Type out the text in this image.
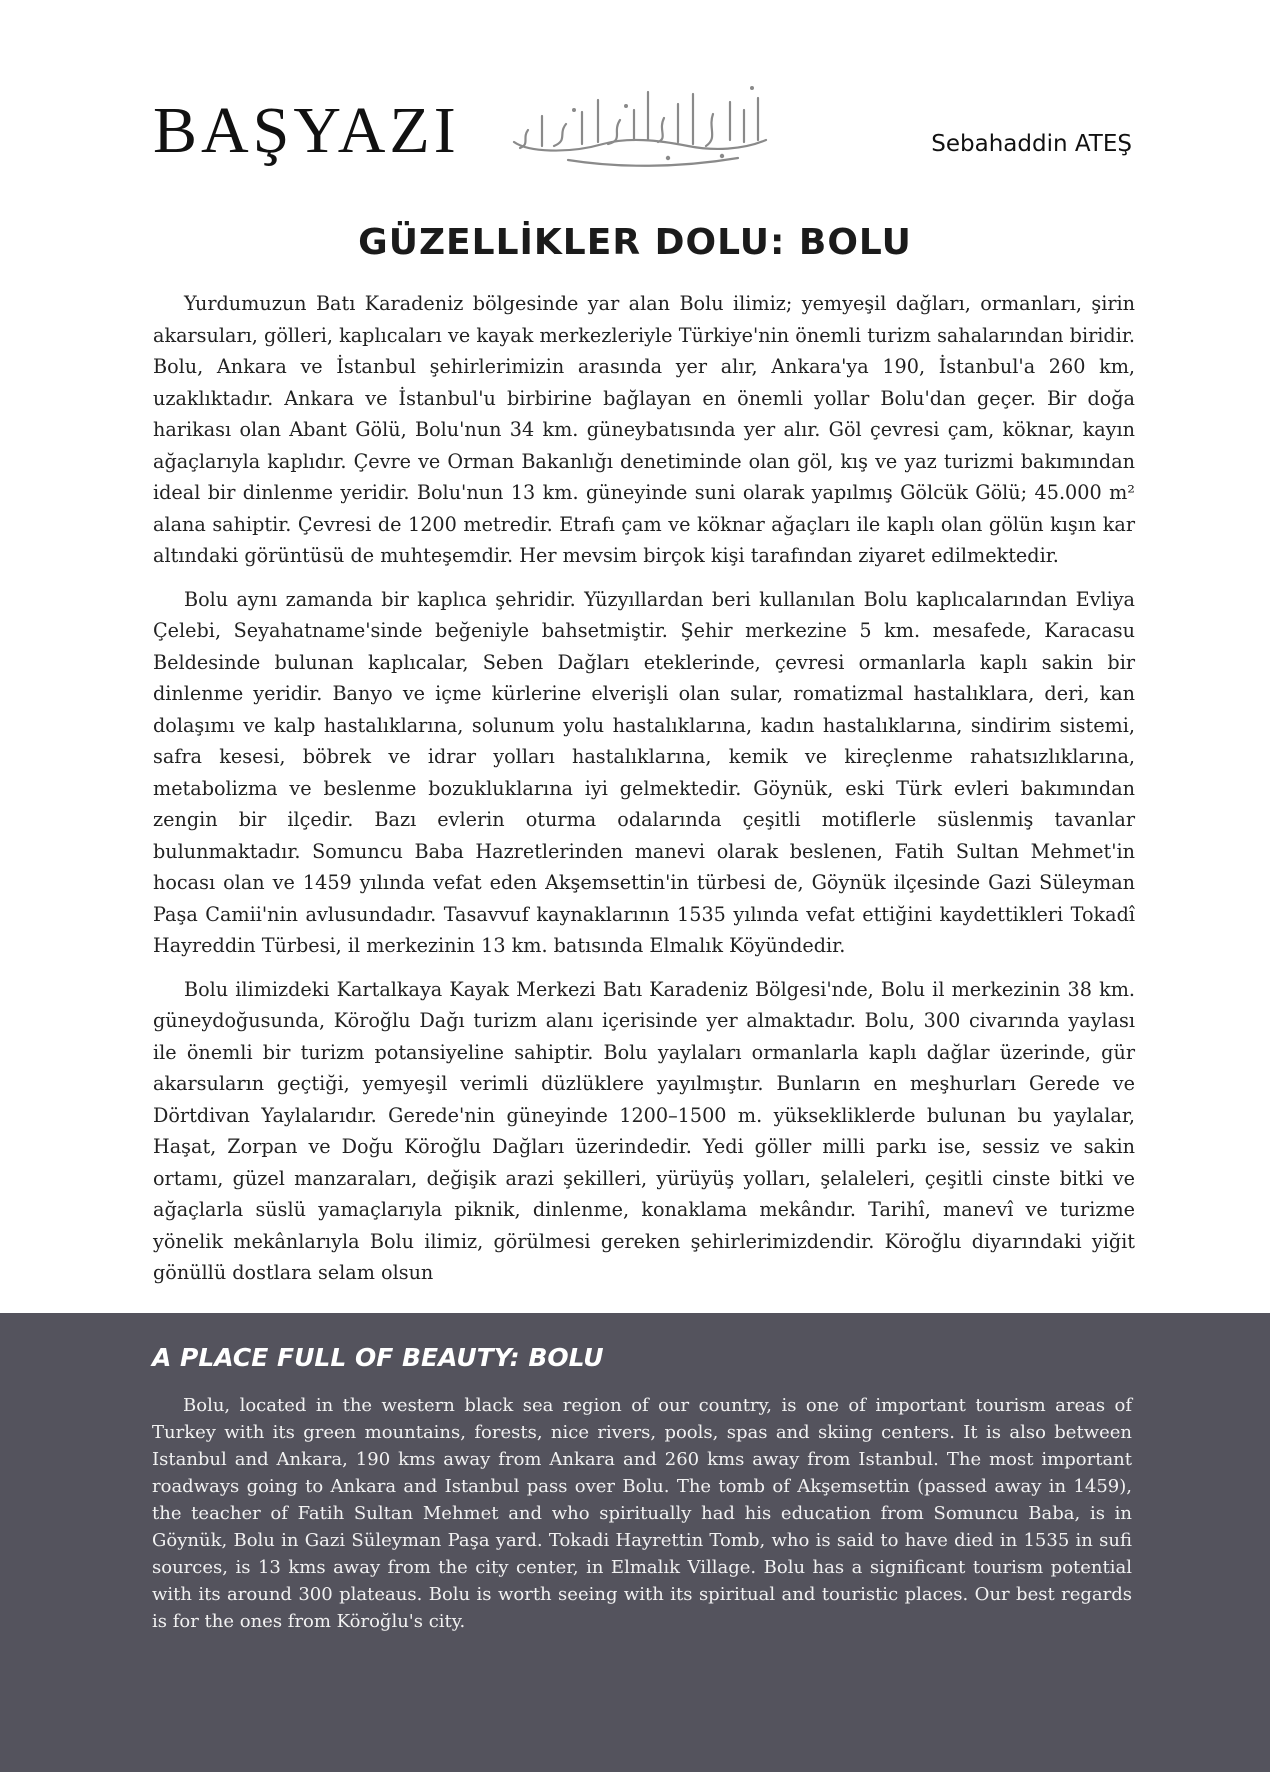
BAŞYAZI	Sebahaddin ATEŞ
GÜZELLİKLER DOLU: BOLU

Yurdumuzun Batı Karadeniz bölgesinde yar alan Bolu ilimiz; yemyeşil dağları, ormanları, şirin akarsuları, gölleri, kaplıcaları ve kayak merkezleriyle Türkiye'nin önemli turizm sahalarından biridir. Bolu, Ankara ve İstanbul şehirlerimizin arasında yer alır, Ankara'ya 190, İstanbul'a 260 km, uzaklıktadır. Ankara ve İstanbul'u birbirine bağlayan en önemli yollar Bolu'dan geçer. Bir doğa harikası olan Abant Gölü, Bolu'nun 34 km. güneybatısında yer alır. Göl çevresi çam, köknar, kayın ağaçlarıyla kaplıdır. Çevre ve Orman Bakanlığı denetiminde olan göl, kış ve yaz turizmi bakımından ideal bir dinlenme yeridir. Bolu'nun 13 km. güneyinde suni olarak yapılmış Gölcük Gölü; 45.000 m² alana sahiptir. Çevresi de 1200 metredir. Etrafı çam ve köknar ağaçları ile kaplı olan gölün kışın kar altındaki görüntüsü de muhteşemdir. Her mevsim birçok kişi tarafından ziyaret edilmektedir.

Bolu aynı zamanda bir kaplıca şehridir. Yüzyıllardan beri kullanılan Bolu kaplıcalarından Evliya Çelebi, Seyahatname'sinde beğeniyle bahsetmiştir. Şehir merkezine 5 km. mesafede, Karacasu Beldesinde bulunan kaplıcalar, Seben Dağları eteklerinde, çevresi ormanlarla kaplı sakin bir dinlenme yeridir. Banyo ve içme kürlerine elverişli olan sular, romatizmal hastalıklara, deri, kan dolaşımı ve kalp hastalıklarına, solunum yolu hastalıklarına, kadın hastalıklarına, sindirim sistemi, safra kesesi, böbrek ve idrar yolları hastalıklarına, kemik ve kireçlenme rahatsızlıklarına, metabolizma ve beslenme bozukluklarına iyi gelmektedir. Göynük, eski Türk evleri bakımından zengin bir ilçedir. Bazı evlerin oturma odalarında çeşitli motiflerle süslenmiş tavanlar bulunmaktadır. Somuncu Baba Hazretlerinden manevi olarak beslenen, Fatih Sultan Mehmet'in hocası olan ve 1459 yılında vefat eden Akşemsettin'in türbesi de, Göynük ilçesinde Gazi Süleyman Paşa Camii'nin avlusundadır. Tasavvuf kaynaklarının 1535 yılında vefat ettiğini kaydettikleri Tokadî Hayreddin Türbesi, il merkezinin 13 km. batısında Elmalık Köyündedir.

Bolu ilimizdeki Kartalkaya Kayak Merkezi Batı Karadeniz Bölgesi'nde, Bolu il merkezinin 38 km. güneydoğusunda, Köroğlu Dağı turizm alanı içerisinde yer almaktadır. Bolu, 300 civarında yaylası ile önemli bir turizm potansiyeline sahiptir. Bolu yaylaları ormanlarla kaplı dağlar üzerinde, gür akarsuların geçtiği, yemyeşil verimli düzlüklere yayılmıştır. Bunların en meşhurları Gerede ve Dörtdivan Yaylalarıdır. Gerede'nin güneyinde 1200–1500 m. yüksekliklerde bulunan bu yaylalar, Haşat, Zorpan ve Doğu Köroğlu Dağları üzerindedir. Yedi göller milli parkı ise, sessiz ve sakin ortamı, güzel manzaraları, değişik arazi şekilleri, yürüyüş yolları, şelaleleri, çeşitli cinste bitki ve ağaçlarla süslü yamaçlarıyla piknik, dinlenme, konaklama mekândır. Tarihî, manevî ve turizme yönelik mekânlarıyla Bolu ilimiz, görülmesi gereken şehirlerimizdendir. Köroğlu diyarındaki yiğit gönüllü dostlara selam olsun

A PLACE FULL OF BEAUTY: BOLU

Bolu, located in the western black sea region of our country, is one of important tourism areas of Turkey with its green mountains, forests, nice rivers, pools, spas and skiing centers. It is also between Istanbul and Ankara, 190 kms away from Ankara and 260 kms away from Istanbul. The most important roadways going to Ankara and Istanbul pass over Bolu. The tomb of Akşemsettin (passed away in 1459), the teacher of Fatih Sultan Mehmet and who spiritually had his education from Somuncu Baba, is in Göynük, Bolu in Gazi Süleyman Paşa yard. Tokadi Hayrettin Tomb, who is said to have died in 1535 in sufi sources, is 13 kms away from the city center, in Elmalık Village. Bolu has a significant tourism potential with its around 300 plateaus. Bolu is worth seeing with its spiritual and touristic places. Our best regards is for the ones from Köroğlu's city.
